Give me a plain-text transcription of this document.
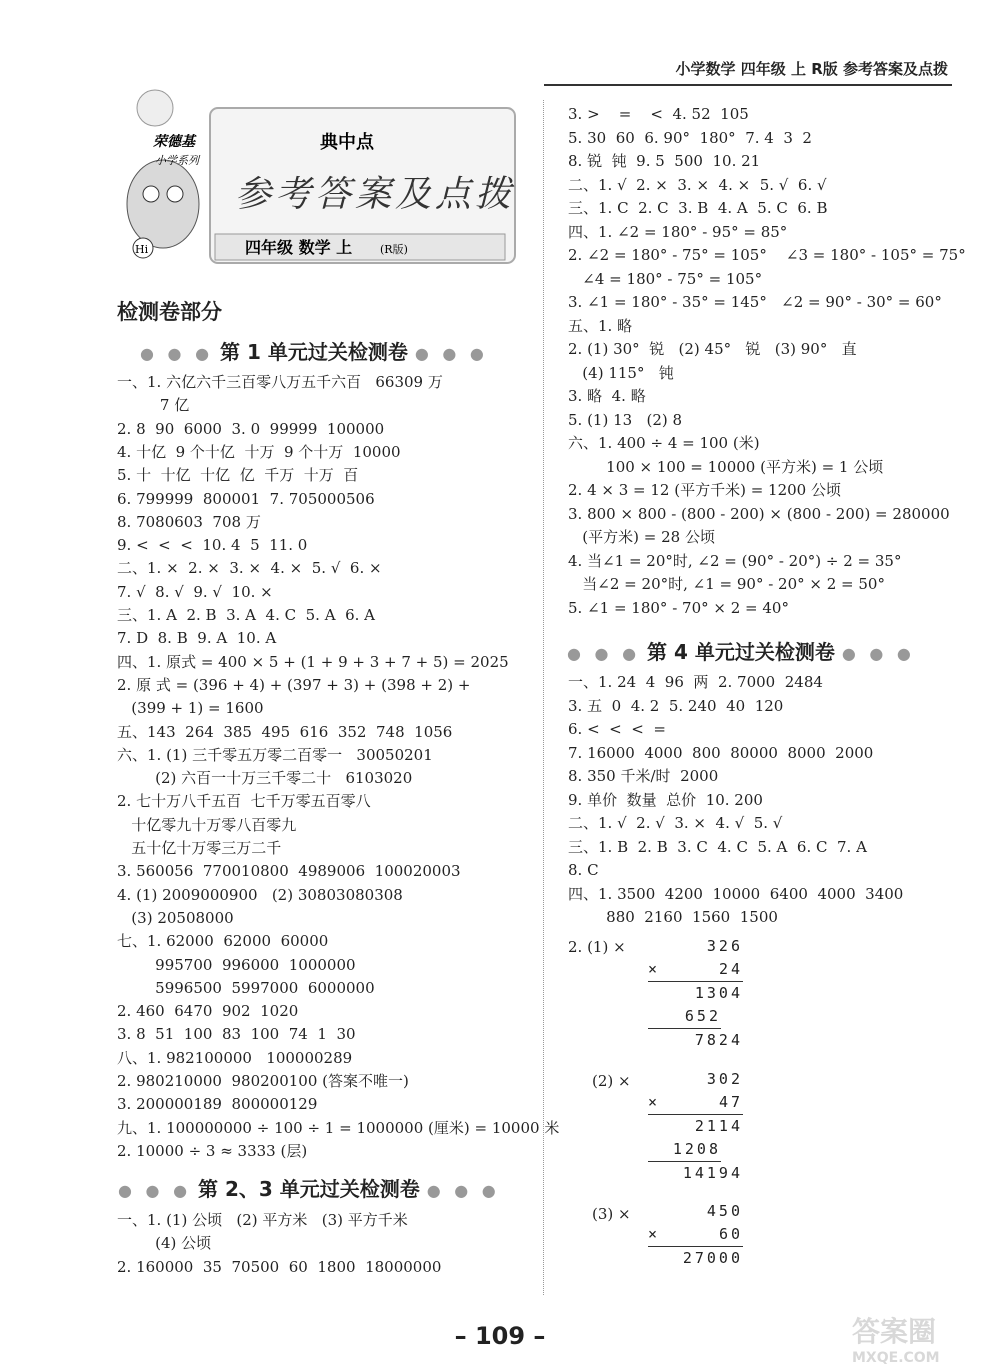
小学数学 四年级 上 R版 参考答案及点拨
Hi
荣德基
小学系列
典中点
参考答案及点拨
四年级 数学 上	(R版)
检测卷部分
● ● ● 第 1 单元过关检测卷 ● ● ●
一、1. 六亿六千三百零八万五千六百   66309 万
7 亿
2. 8  90  6000  3. 0  99999  100000
4. 十亿  9 个十亿  十万  9 个十万  10000
5. 十  十亿  十亿  亿  千万  十万  百
6. 799999  800001  7. 705000506
8. 7080603  708 万
9. <  <  <  10. 4  5  11. 0
二、1. ×  2. ×  3. ×  4. ×  5. √  6. ×
7. √  8. √  9. √  10. ×
三、1. A  2. B  3. A  4. C  5. A  6. A
7. D  8. B  9. A  10. A
四、1. 原式 = 400 × 5 + (1 + 9 + 3 + 7 + 5) = 2025
2. 原 式 = (396 + 4) + (397 + 3) + (398 + 2) +
(399 + 1) = 1600
五、143  264  385  495  616  352  748  1056
六、1. (1) 三千零五万零二百零一   30050201
(2) 六百一十万三千零二十   6103020
2. 七十万八千五百  七千万零五百零八
十亿零九十万零八百零九
五十亿十万零三万二千
3. 560056  770010800  4989006  100020003
4. (1) 2009000900   (2) 30803080308
(3) 20508000
七、1. 62000  62000  60000
995700  996000  1000000
5996500  5997000  6000000
2. 460  6470  902  1020
3. 8  51  100  83  100  74  1  30
八、1. 982100000   100000289
2. 980210000  980200100 (答案不唯一)
3. 200000189  800000129
九、1. 100000000 ÷ 100 ÷ 1 = 1000000 (厘米) = 10000 米
2. 10000 ÷ 3 ≈ 3333 (层)
● ● ● 第 2、3 单元过关检测卷 ● ● ●
一、1. (1) 公顷   (2) 平方米   (3) 平方千米
(4) 公顷
2. 160000  35  70500  60  1800  18000000
3. >    =    <  4. 52  105
5. 30  60  6. 90°  180°  7. 4  3  2
8. 锐  钝  9. 5  500  10. 21
二、1. √  2. ×  3. ×  4. ×  5. √  6. √
三、1. C  2. C  3. B  4. A  5. C  6. B
四、1. ∠2 = 180° - 95° = 85°
2. ∠2 = 180° - 75° = 105°    ∠3 = 180° - 105° = 75°
∠4 = 180° - 75° = 105°
3. ∠1 = 180° - 35° = 145°   ∠2 = 90° - 30° = 60°
五、1. 略
2. (1) 30°  锐   (2) 45°   锐   (3) 90°   直
(4) 115°   钝
3. 略  4. 略
5. (1) 13   (2) 8
六、1. 400 ÷ 4 = 100 (米)
100 × 100 = 10000 (平方米) = 1 公顷
2. 4 × 3 = 12 (平方千米) = 1200 公顷
3. 800 × 800 - (800 - 200) × (800 - 200) = 280000
(平方米) = 28 公顷
4. 当∠1 = 20°时, ∠2 = (90° - 20°) ÷ 2 = 35°
当∠2 = 20°时, ∠1 = 90° - 20° × 2 = 50°
5. ∠1 = 180° - 70° × 2 = 40°
● ● ● 第 4 单元过关检测卷 ● ● ●
一、1. 24  4  96  两  2. 7000  2484
3. 五  0  4. 2  5. 240  40  120
6. <  <  <  =
7. 16000  4000  800  80000  8000  2000
8. 350 千米/时  2000
9. 单价  数量  总价  10. 200
二、1. √  2. √  3. ×  4. √  5. √
三、1. B  2. B  3. C  4. C  5. A  6. C  7. A
8. C
四、1. 3500  4200  10000  6400  4000  3400
880  2160  1560  1500
2. (1) ×	326
×	24
1304
652
7824
(2) ×	302
×	47
2114
1208
14194
(3) ×	450
×	60
27000
– 109 –	答案圈
MXQE.COM
